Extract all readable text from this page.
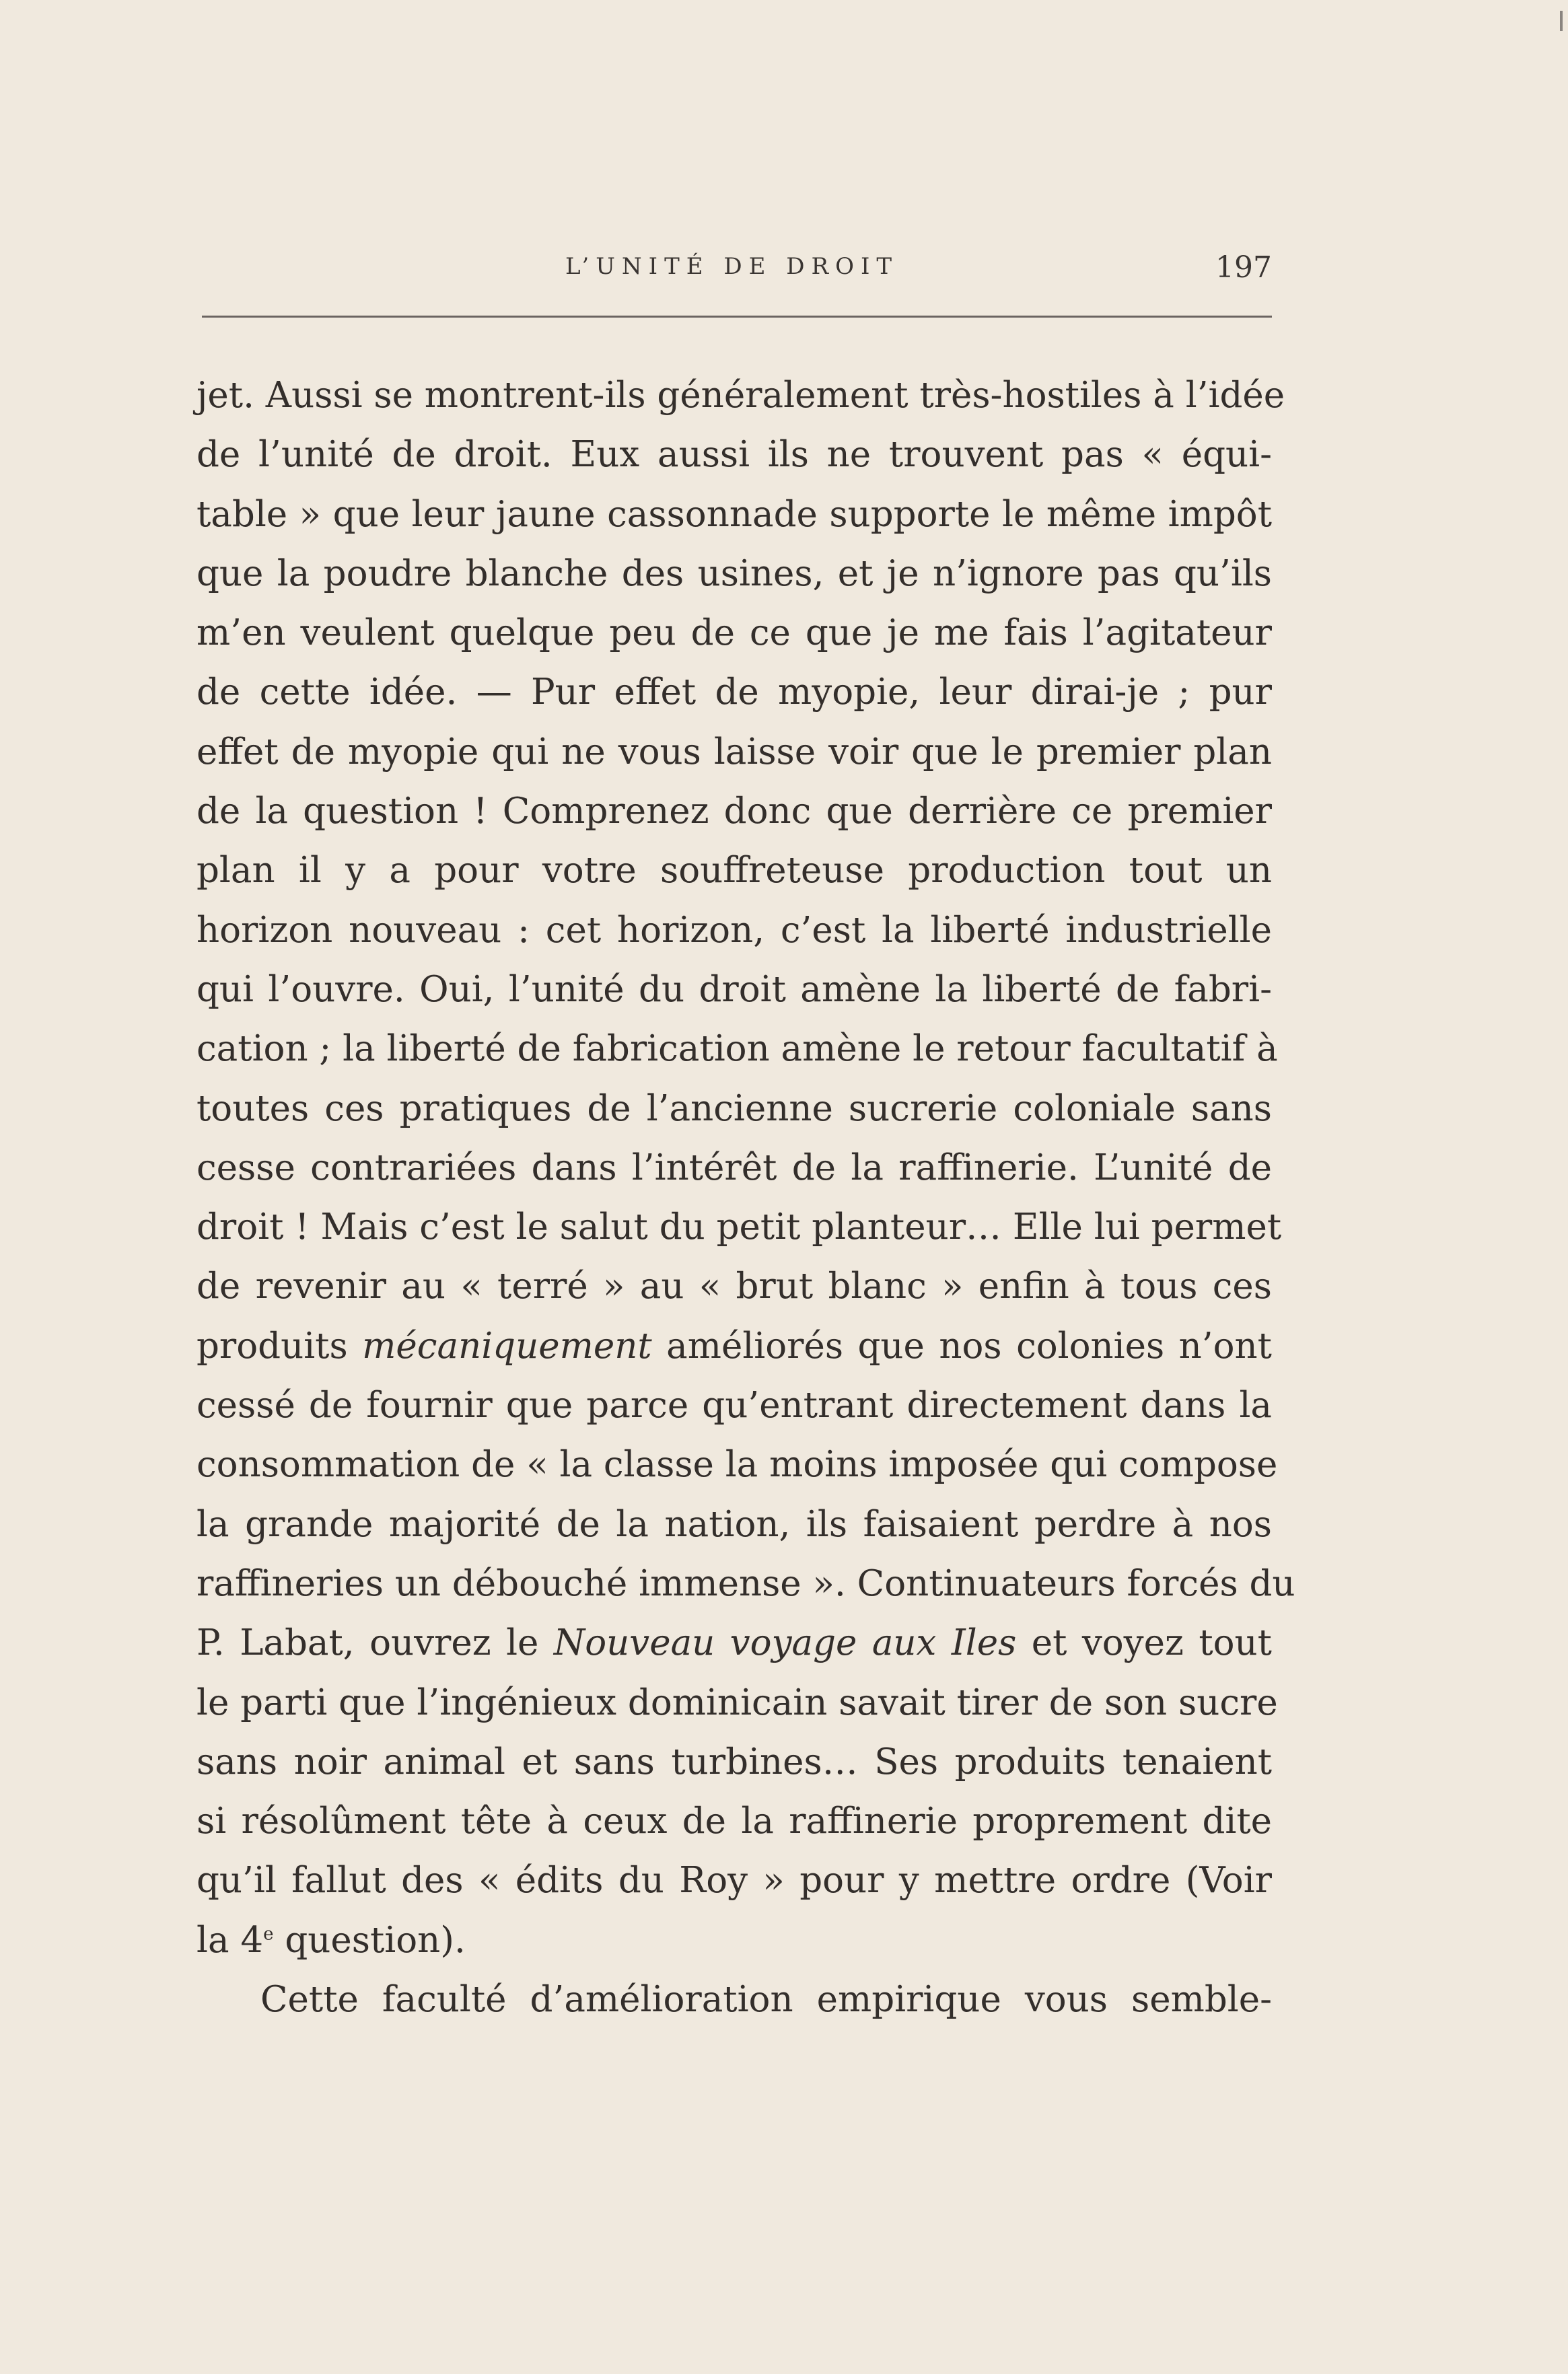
L’UNITÉ DE DROIT	197
jet. Aussi se montrent-ils généralement très-hostiles à l’idée
de l’unité de droit. Eux aussi ils ne trouvent pas « équi-
table » que leur jaune cassonnade supporte le même impôt
que la poudre blanche des usines, et je n’ignore pas qu’ils
m’en veulent quelque peu de ce que je me fais l’agitateur
de cette idée. — Pur effet de myopie, leur dirai-je ; pur
effet de myopie qui ne vous laisse voir que le premier plan
de la question ! Comprenez donc que derrière ce premier
plan il y a pour votre souffreteuse production tout un
horizon nouveau : cet horizon, c’est la liberté industrielle
qui l’ouvre. Oui, l’unité du droit amène la liberté de fabri-
cation ; la liberté de fabrication amène le retour facultatif à
toutes ces pratiques de l’ancienne sucrerie coloniale sans
cesse contrariées dans l’intérêt de la raffinerie. L’unité de
droit ! Mais c’est le salut du petit planteur… Elle lui permet
de revenir au « terré » au « brut blanc » enfin à tous ces
produits mécaniquement améliorés que nos colonies n’ont
cessé de fournir que parce qu’entrant directement dans la
consommation de « la classe la moins imposée qui compose
la grande majorité de la nation, ils faisaient perdre à nos
raffineries un débouché immense ». Continuateurs forcés du
P. Labat, ouvrez le Nouveau voyage aux Iles et voyez tout
le parti que l’ingénieux dominicain savait tirer de son sucre
sans noir animal et sans turbines… Ses produits tenaient
si résolûment tête à ceux de la raffinerie proprement dite
qu’il fallut des « édits du Roy » pour y mettre ordre (Voir
la 4e question).
Cette faculté d’amélioration empirique vous semble-
